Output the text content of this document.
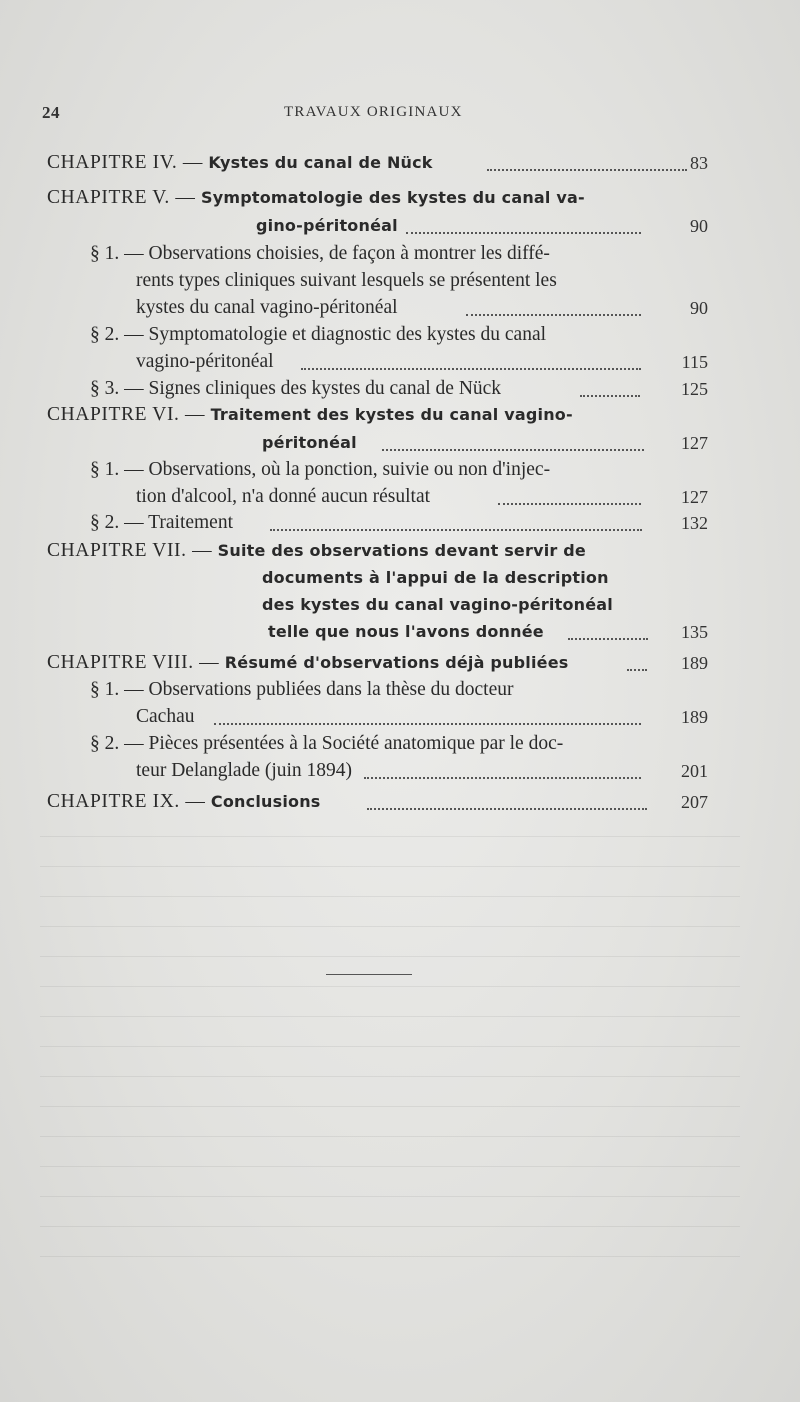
24	TRAVAUX ORIGINAUX
CHAPITRE IV. — Kystes du canal de Nück	83
CHAPITRE V. — Symptomatologie des kystes du canal va-
gino-péritonéal	90
§ 1. — Observations choisies, de façon à montrer les diffé-
rents types cliniques suivant lesquels se présentent les
kystes du canal vagino-péritonéal	90
§ 2. — Symptomatologie et diagnostic des kystes du canal
vagino-péritonéal	115
§ 3. — Signes cliniques des kystes du canal de Nück	125
CHAPITRE VI. — Traitement des kystes du canal vagino-
péritonéal	127
§ 1. — Observations, où la ponction, suivie ou non d'injec-
tion d'alcool, n'a donné aucun résultat	127
§ 2. — Traitement	132
CHAPITRE VII. — Suite des observations devant servir de
documents à l'appui de la description
des kystes du canal vagino-péritonéal
telle que nous l'avons donnée	135
CHAPITRE VIII. — Résumé d'observations déjà publiées	189
§ 1. — Observations publiées dans la thèse du docteur
Cachau	189
§ 2. — Pièces présentées à la Société anatomique par le doc-
teur Delanglade (juin 1894)	201
CHAPITRE IX. — Conclusions	207
